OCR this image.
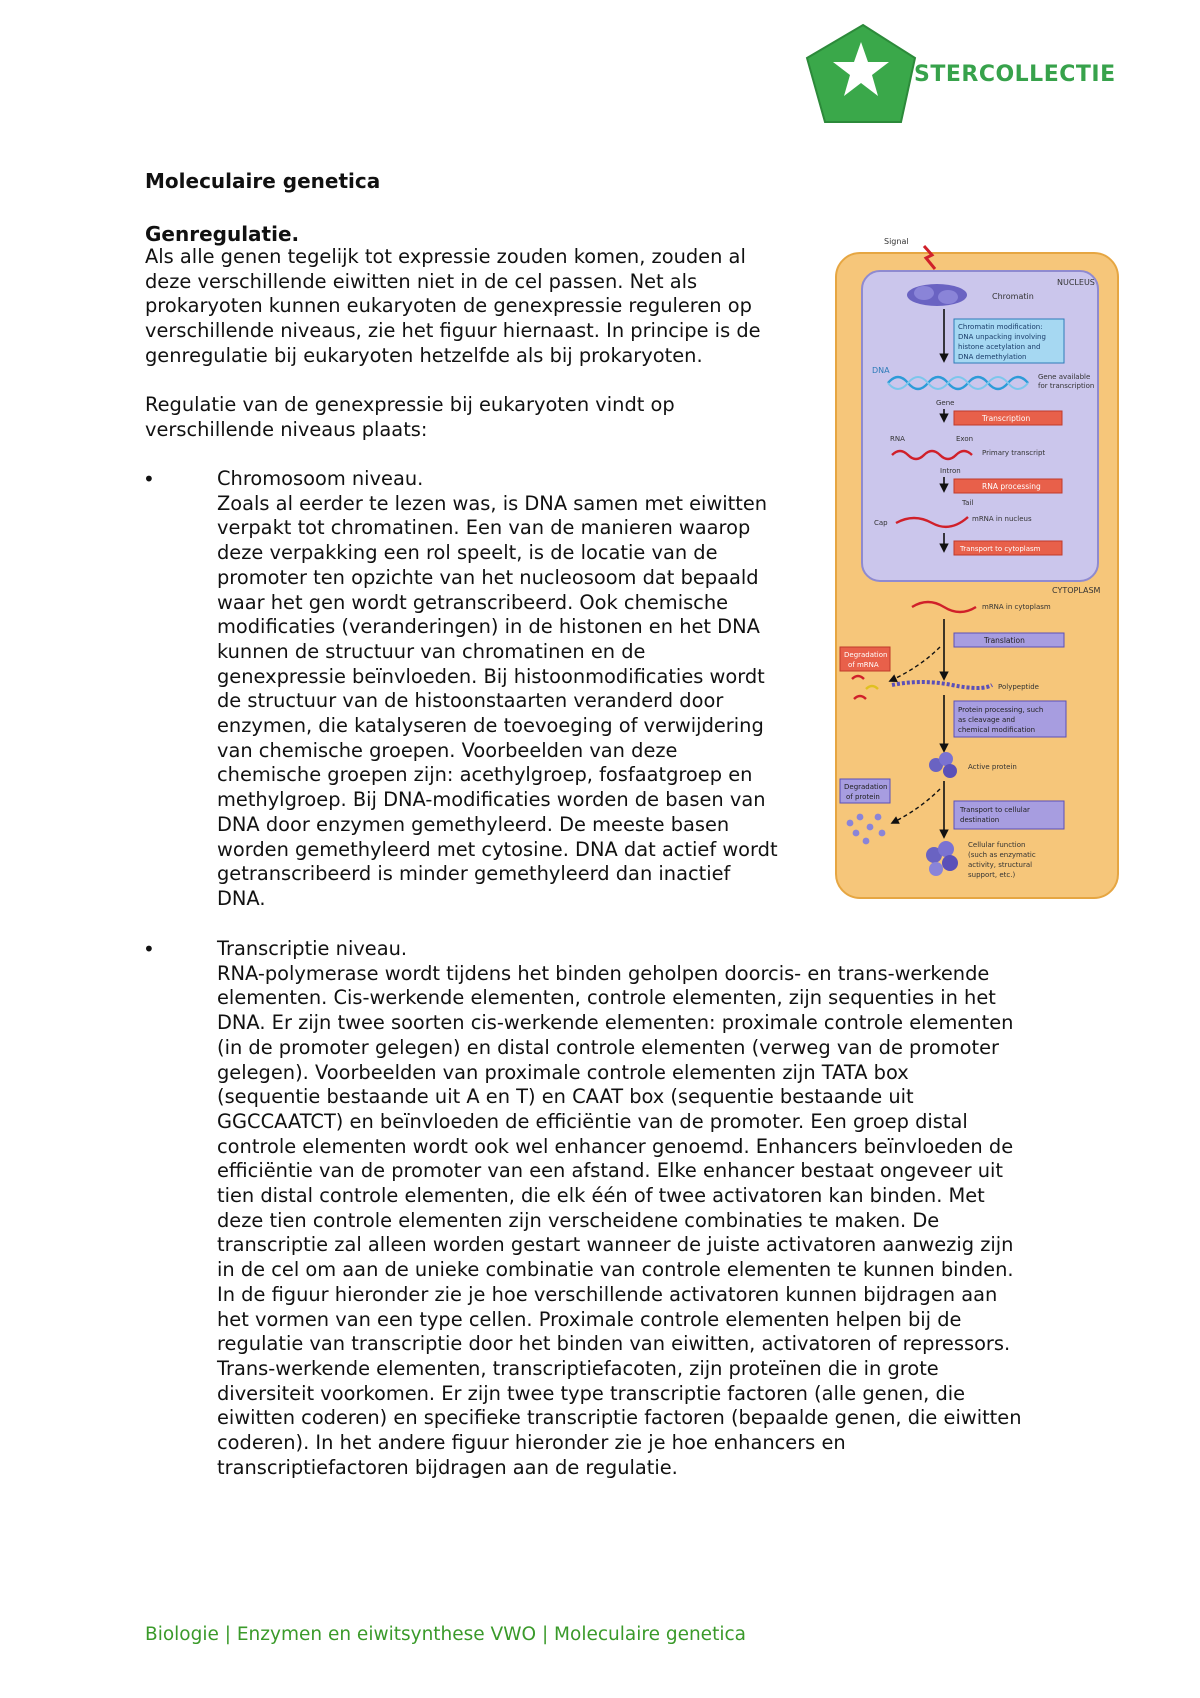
STERCOLLECTIE
Moleculaire genetica
Genregulatie.
Als alle genen tegelijk tot expressie zouden komen, zouden al
deze verschillende eiwitten niet in de cel passen. Net als
prokaryoten kunnen eukaryoten de genexpressie reguleren op
verschillende niveaus, zie het figuur hiernaast. In principe is de
genregulatie bij eukaryoten hetzelfde als bij prokaryoten.
Regulatie van de genexpressie bij eukaryoten vindt op
verschillende niveaus plaats:
•	Chromosoom niveau.
Zoals al eerder te lezen was, is DNA samen met eiwitten
verpakt tot chromatinen. Een van de manieren waarop
deze verpakking een rol speelt, is de locatie van de
promoter ten opzichte van het nucleosoom dat bepaald
waar het gen wordt getranscribeerd. Ook chemische
modificaties (veranderingen) in de histonen en het DNA
kunnen de structuur van chromatinen en de
genexpressie beïnvloeden. Bij histoonmodificaties wordt
de structuur van de histoonstaarten veranderd door
enzymen, die katalyseren de toevoeging of verwijdering
van chemische groepen. Voorbeelden van deze
chemische groepen zijn: acethylgroep, fosfaatgroep en
methylgroep. Bij DNA-modificaties worden de basen van
DNA door enzymen gemethyleerd. De meeste basen
worden gemethyleerd met cytosine. DNA dat actief wordt
getranscribeerd is minder gemethyleerd dan inactief
DNA.
•	Transcriptie niveau.
RNA-polymerase wordt tijdens het binden geholpen doorcis- en trans-werkende
elementen. Cis-werkende elementen, controle elementen, zijn sequenties in het
DNA. Er zijn twee soorten cis-werkende elementen: proximale controle elementen
(in de promoter gelegen) en distal controle elementen (verweg van de promoter
gelegen). Voorbeelden van proximale controle elementen zijn TATA box
(sequentie bestaande uit A en T) en CAAT box (sequentie bestaande uit
GGCCAATCT) en beïnvloeden de efficiëntie van de promoter. Een groep distal
controle elementen wordt ook wel enhancer genoemd. Enhancers beïnvloeden de
efficiëntie van de promoter van een afstand. Elke enhancer bestaat ongeveer uit
tien distal controle elementen, die elk één of twee activatoren kan binden. Met
deze tien controle elementen zijn verscheidene combinaties te maken. De
transcriptie zal alleen worden gestart wanneer de juiste activatoren aanwezig zijn
in de cel om aan de unieke combinatie van controle elementen te kunnen binden.
In de figuur hieronder zie je hoe verschillende activatoren kunnen bijdragen aan
het vormen van een type cellen. Proximale controle elementen helpen bij de
regulatie van transcriptie door het binden van eiwitten, activatoren of repressors.
Trans-werkende elementen, transcriptiefacoten, zijn proteïnen die in grote
diversiteit voorkomen. Er zijn twee type transcriptie factoren (alle genen, die
eiwitten coderen) en specifieke transcriptie factoren (bepaalde genen, die eiwitten
coderen). In het andere figuur hieronder zie je hoe enhancers en
transcriptiefactoren bijdragen aan de regulatie.
Signal
NUCLEUS
Chromatin
Chromatin modification:
DNA unpacking involving
histone acetylation and
DNA demethylation
DNA
Gene available
for transcription
Gene
Transcription
RNA	Exon
Intron
Primary transcript
RNA processing
Tail
Cap	mRNA in nucleus
Transport to cytoplasm
CYTOPLASM
mRNA in cytoplasm
Translation
Degradation
of mRNA
Polypeptide
Protein processing, such
as cleavage and
chemical modification
Active protein
Degradation
of protein
Transport to cellular
destination
Cellular function
(such as enzymatic
activity, structural
support, etc.)
Biologie | Enzymen en eiwitsynthese VWO | Moleculaire genetica
